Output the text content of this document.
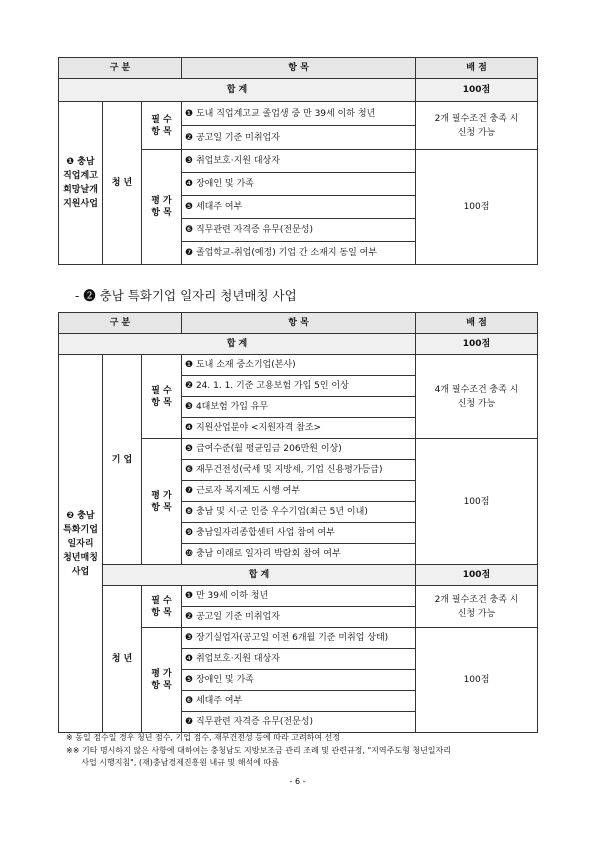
구 분			항 목	배 점
합 계				100점
❶ 충남
직업계고
희망날개
지원사업	청 년	필 수
항 목	❶ 도내 직업계고교 졸업생 중 만 39세 이하 청년	2개 필수조건 충족 시
신청 가능
			❷ 공고일 기준 미취업자	
		평 가
항 목	❸ 취업보호·지원 대상자	100점
			❹ 장애인 및 가족	
			❺ 세대주 여부	
			❻ 직무관련 자격증 유무(전문성)	
			❼ 졸업학교-취업(예정) 기업 간 소재지 동일 여부	
- ❷ 충남 특화기업 일자리 청년매칭 사업
구 분			항 목	배 점
합 계				100점
❷ 충남
특화기업
일자리
청년매칭
사업	기 업	필 수
항 목	❶ 도내 소재 중소기업(본사)	4개 필수조건 충족 시
신청 가능
			❷ 24. 1. 1. 기준 고용보험 가입 5인 이상	
			❸ 4대보험 가입 유무	
			❹ 지원산업분야 <지원자격 참조>	
		평 가
항 목	❺ 급여수준(월 평균임금 206만원 이상)	100점
			❻ 재무건전성(국세 및 지방세, 기업 신용평가등급)	
			❼ 근로자 복지제도 시행 여부	
			❽ 충남 및 시·군 인증 우수기업(최근 5년 이내)	
			❾ 충남일자리종합센터 사업 참여 여부	
			❿ 충남 이래로 일자리 박람회 참여 여부	
	합 계			100점
	청 년	필 수
항 목	❶ 만 39세 이하 청년	2개 필수조건 충족 시
신청 가능
			❷ 공고일 기준 미취업자	
		평 가
항 목	❸ 장기실업자(공고일 이전 6개월 기준 미취업 상태)	100점
			❹ 취업보호·지원 대상자	
			❺ 장애인 및 가족	
			❻ 세대주 여부	
			❼ 직무관련 자격증 유무(전문성)	
※ 동일 점수일 경우 청년 점수, 기업 점수, 재무건전성 등에 따라 고려하여 선정
※※ 기타 명시하지 않은 사항에 대하여는 충청남도 지방보조금 관리 조례 및 관련규정, "지역주도형 청년일자리
사업 시행지침", (재)충남경제진흥원 내규 및 해석에 따름
- 6 -
